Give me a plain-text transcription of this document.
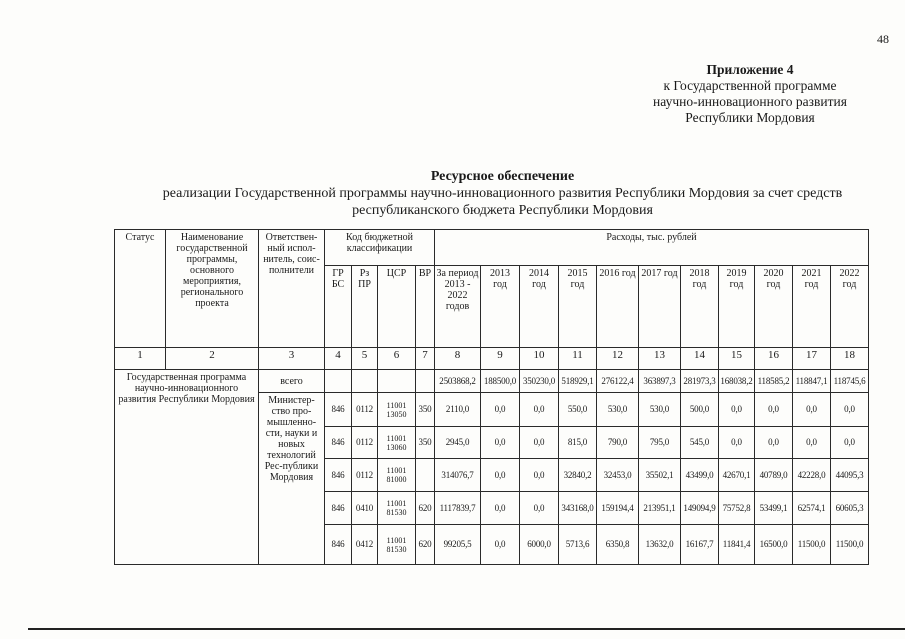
48
Приложение 4
к Государственной программе
научно-инновационного развития
Республики Мордовия
Ресурсное обеспечение
реализации Государственной программы научно-инновационного развития Республики Мордовия за счет средств
республиканского бюджета Республики Мордовия
Статус	Наименование государственной программы, основного мероприятия, регионального проекта	Ответствен-ный испол-нитель, соис-полнители	Код бюджетной классификации				Расходы, тыс. рублей										
			ГР БС	Рз ПР	ЦСР	ВР	За период 2013 - 2022 годов	2013 год	2014 год	2015 год	2016 год	2017 год	2018 год	2019 год	2020 год	2021 год	2022 год
1	2	3	4	5	6	7	8	9	10	11	12	13	14	15	16	17	18
Государственная программа научно-инновационного развития Республики Мордовия		всего					2503868,2	188500,0	350230,0	518929,1	276122,4	363897,3	281973,3	168038,2	118585,2	118847,1	118745,6
		Министер-ство про-мышленно-сти, науки и новых технологий Рес-публики Мордовия	846	0112	11001 13050	350	2110,0	0,0	0,0	550,0	530,0	530,0	500,0	0,0	0,0	0,0	0,0
			846	0112	11001 13060	350	2945,0	0,0	0,0	815,0	790,0	795,0	545,0	0,0	0,0	0,0	0,0
			846	0112	11001 81000		314076,7	0,0	0,0	32840,2	32453,0	35502,1	43499,0	42670,1	40789,0	42228,0	44095,3
			846	0410	11001 81530	620	1117839,7	0,0	0,0	343168,0	159194,4	213951,1	149094,9	75752,8	53499,1	62574,1	60605,3
			846	0412	11001 81530	620	99205,5	0,0	6000,0	5713,6	6350,8	13632,0	16167,7	11841,4	16500,0	11500,0	11500,0
